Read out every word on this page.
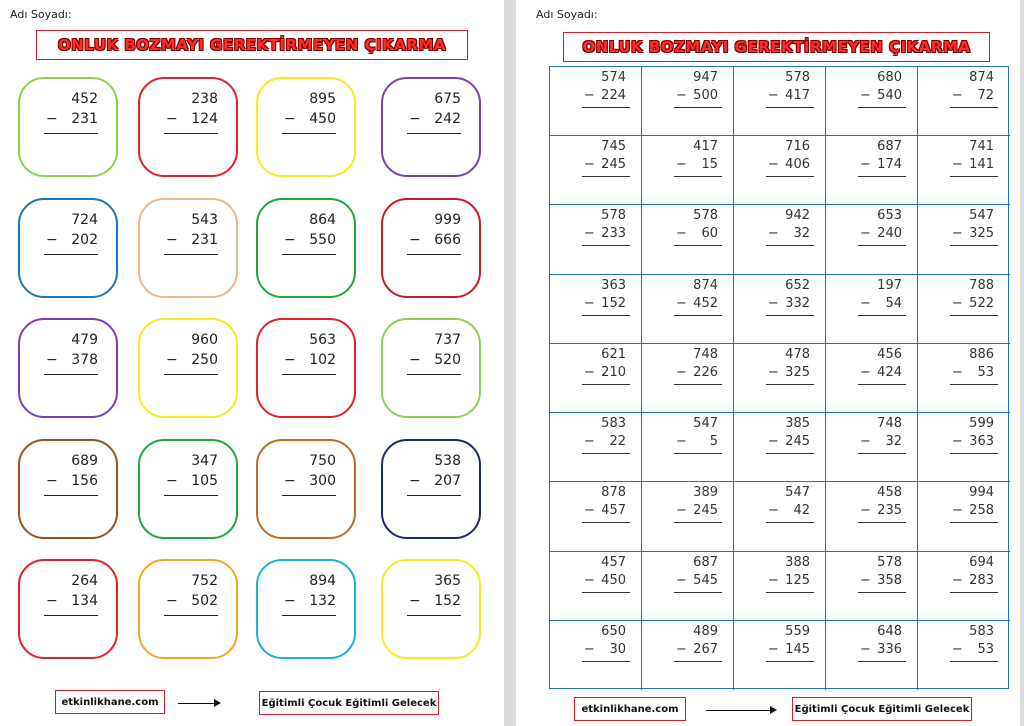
Adı Soyadı:
ONLUK BOZMAYI GEREKTİRMEYEN ÇIKARMA
452
− 231
238
− 124
895
− 450
675
− 242
724
− 202
543
− 231
864
− 550
999
− 666
479
− 378
960
− 250
563
− 102
737
− 520
689
− 156
347
− 105
750
− 300
538
− 207
264
− 134
752
− 502
894
− 132
365
− 152
etkinlikhane.com	Eğitimli Çocuk Eğitimli Gelecek
Adı Soyadı:
ONLUK BOZMAYI GEREKTİRMEYEN ÇIKARMA
574
− 224
947
− 500
578
− 417
680
− 540
874
−	72
745
− 245
417
−	15
716
− 406
687
− 174
741
− 141
578
− 233
578
−	60
942
−	32
653
− 240
547
− 325
363
− 152
874
− 452
652
− 332
197
−	54
788
− 522
621
− 210
748
− 226
478
− 325
456
− 424
886
−	53
583
−	22
547
−	5
385
− 245
748
−	32
599
− 363
878
− 457
389
− 245
547
−	42
458
− 235
994
− 258
457
− 450
687
− 545
388
− 125
578
− 358
694
− 283
650
−	30
489
− 267
559
− 145
648
− 336
583
−	53
etkinlikhane.com	Eğitimli Çocuk Eğitimli Gelecek
